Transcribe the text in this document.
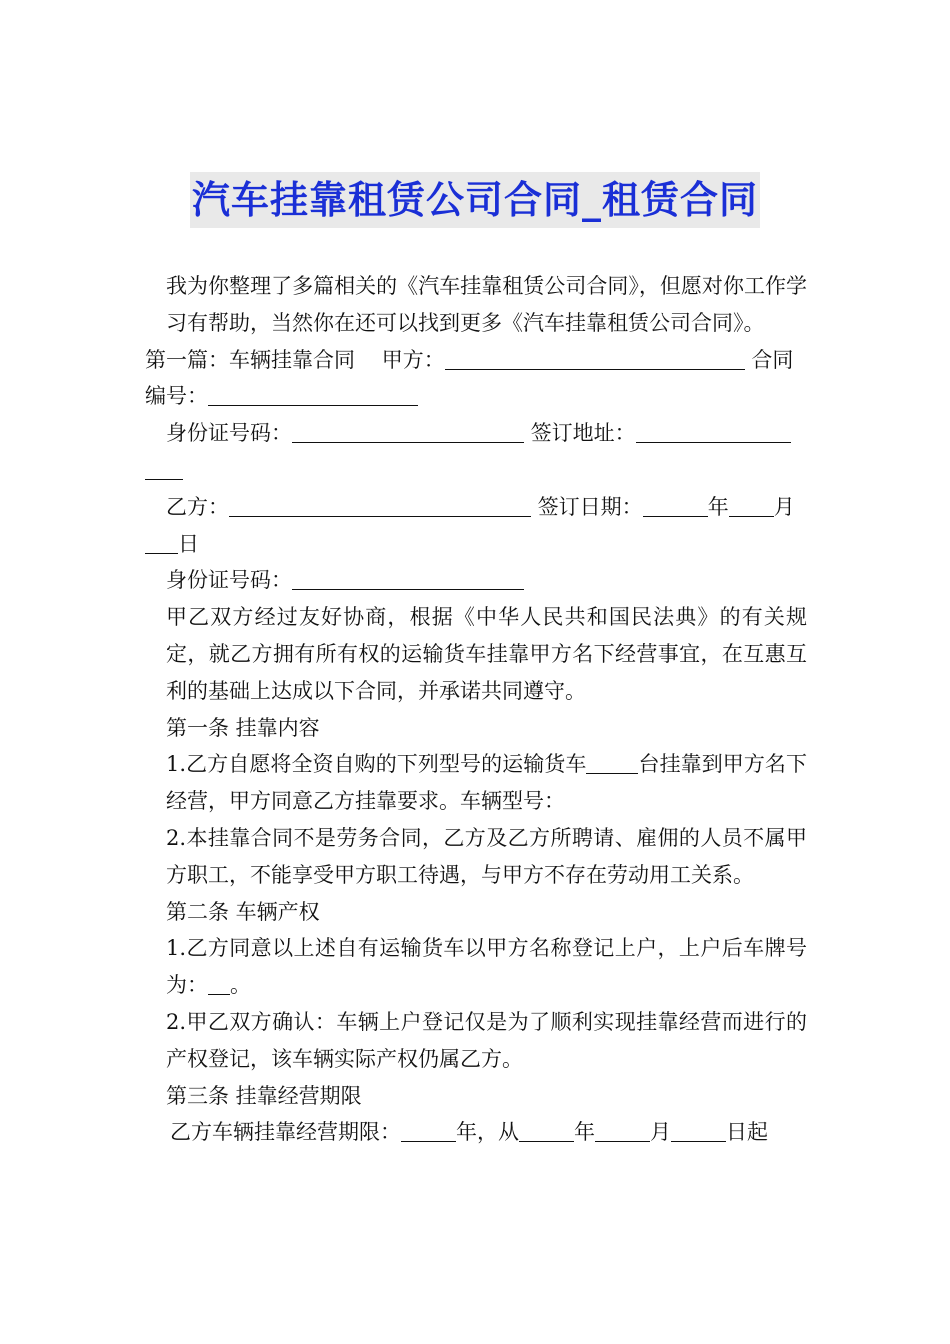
汽车挂靠租赁公司合同_租赁合同

我为你整理了多篇相关的《汽车挂靠租赁公司合同》，但愿对你工作学习有帮助，当然你在还可以找到更多《汽车挂靠租赁公司合同》。

第一篇：车辆挂靠合同 甲方：	合同
编号：

身份证号码：	签订地址：

乙方：	签订日期：	年 月
日

身份证号码：

甲乙双方经过友好协商，根据《中华人民共和国民法典》的有关规定，就乙方拥有所有权的运输货车挂靠甲方名下经营事宜，在互惠互利的基础上达成以下合同，并承诺共同遵守。

第一条 挂靠内容

1.乙方自愿将全资自购的下列型号的运输货车 台挂靠到甲方名下经营，甲方同意乙方挂靠要求。车辆型号：

2.本挂靠合同不是劳务合同，乙方及乙方所聘请、雇佣的人员不属甲方职工，不能享受甲方职工待遇，与甲方不存在劳动用工关系。

第二条 车辆产权

1.乙方同意以上述自有运输货车以甲方名称登记上户，上户后车牌号为： 。

2.甲乙双方确认：车辆上户登记仅是为了顺利实现挂靠经营而进行的产权登记，该车辆实际产权仍属乙方。

第三条 挂靠经营期限

乙方车辆挂靠经营期限：	年，从	年	月	日起
